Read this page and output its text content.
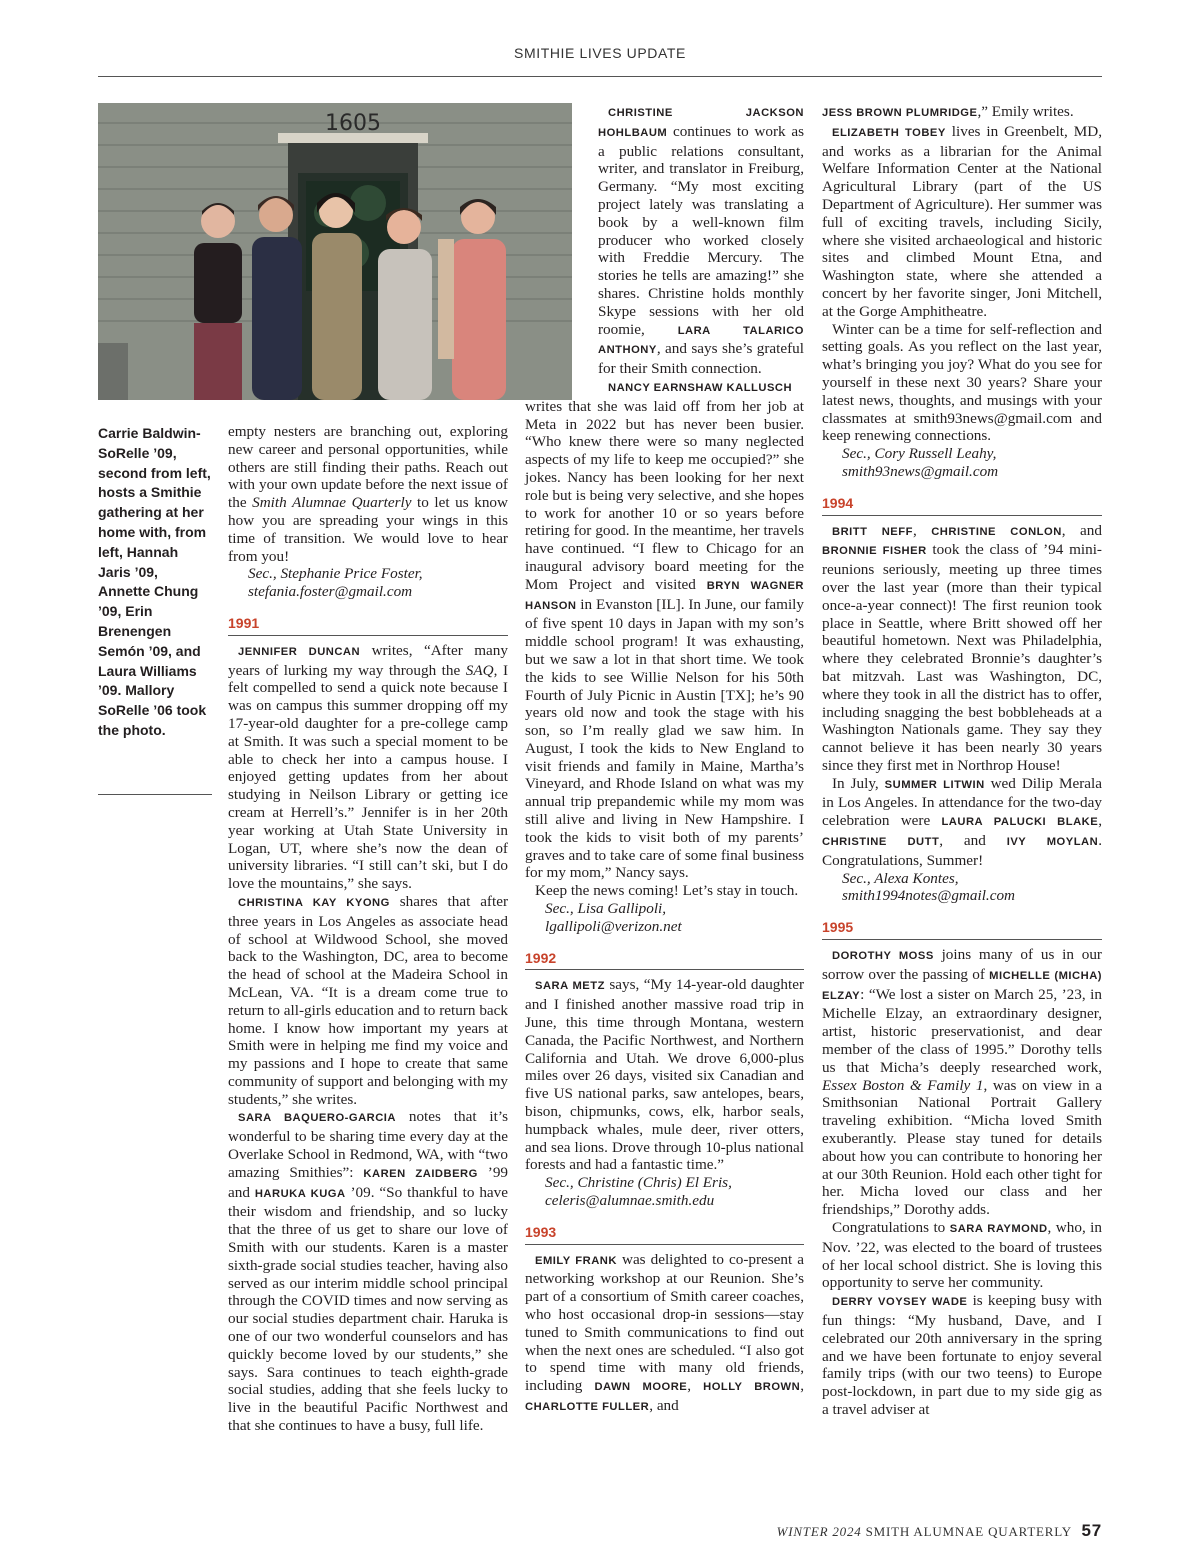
SMITHIE LIVES UPDATE
1605
Carrie Baldwin-SoRelle ’09, second from left, hosts a Smithie gathering at her home with, from left, Hannah Jaris ’09, Annette Chung ’09, Erin Brenengen Semón ’09, and Laura Williams ’09. Mallory SoRelle ’06 took the photo.

empty nesters are branching out, exploring new career and personal opportunities, while others are still finding their paths. Reach out with your own update before the next issue of the Smith Alumnae Quarterly to let us know how you are spreading your wings in this time of transition. We would love to hear from you!

Sec., Stephanie Price Foster,

stefania.foster@gmail.com

1991

JENNIFER DUNCAN writes, “After many years of lurking my way through the SAQ, I felt compelled to send a quick note because I was on campus this summer dropping off my 17-year-old daughter for a pre-college camp at Smith. It was such a special moment to be able to check her into a campus house. I enjoyed getting updates from her about studying in Neilson Library or getting ice cream at Herrell’s.” Jennifer is in her 20th year working at Utah State University in Logan, UT, where she’s now the dean of university libraries. “I still can’t ski, but I do love the mountains,” she says.

CHRISTINA KAY KYONG shares that after three years in Los Angeles as associate head of school at Wildwood School, she moved back to the Washington, DC, area to become the head of school at the Madeira School in McLean, VA. “It is a dream come true to return to all-girls education and to return back home. I know how important my years at Smith were in helping me find my voice and my passions and I hope to create that same community of support and belonging with my students,” she writes.

SARA BAQUERO-GARCIA notes that it’s wonderful to be sharing time every day at the Overlake School in Redmond, WA, with “two amazing Smithies”: KAREN ZAIDBERG ’99 and HARUKA KUGA ’09. “So thankful to have their wisdom and friendship, and so lucky that the three of us get to share our love of Smith with our students. Karen is a master sixth-grade social studies teacher, having also served as our interim middle school principal through the COVID times and now serving as our social studies department chair. Haruka is one of our two wonderful counselors and has quickly become loved by our students,” she says. Sara continues to teach eighth-grade social studies, adding that she feels lucky to live in the beautiful Pacific Northwest and that she continues to have a busy, full life.

CHRISTINE JACKSON HOHLBAUM continues to work as a public relations consultant, writer, and translator in Freiburg, Germany. “My most exciting project lately was translating a book by a well-known film producer who worked closely with Freddie Mercury. The stories he tells are amazing!” she shares. Christine holds monthly Skype sessions with her old roomie, LARA TALARICO ANTHONY, and says she’s grateful for their Smith connection.

NANCY EARNSHAW KALLUSCH

writes that she was laid off from her job at Meta in 2022 but has never been busier. “Who knew there were so many neglected aspects of my life to keep me occupied?” she jokes. Nancy has been looking for her next role but is being very selective, and she hopes to work for another 10 or so years before retiring for good. In the meantime, her travels have continued. “I flew to Chicago for an inaugural advisory board meeting for the Mom Project and visited BRYN WAGNER HANSON in Evanston [IL]. In June, our family of five spent 10 days in Japan with my son’s middle school program! It was exhausting, but we saw a lot in that short time. We took the kids to see Willie Nelson for his 50th Fourth of July Picnic in Austin [TX]; he’s 90 years old now and took the stage with his son, so I’m really glad we saw him. In August, I took the kids to New England to visit friends and family in Maine, Martha’s Vineyard, and Rhode Island on what was my annual trip prepandemic while my mom was still alive and living in New Hampshire. I took the kids to visit both of my parents’ graves and to take care of some final business for my mom,” Nancy says.

Keep the news coming! Let’s stay in touch.

Sec., Lisa Gallipoli,

lgallipoli@verizon.net

1992

SARA METZ says, “My 14-year-old daughter and I finished another massive road trip in June, this time through Montana, western Canada, the Pacific Northwest, and Northern California and Utah. We drove 6,000-plus miles over 26 days, visited six Canadian and five US national parks, saw antelopes, bears, bison, chipmunks, cows, elk, harbor seals, humpback whales, mule deer, river otters, and sea lions. Drove through 10-plus national forests and had a fantastic time.”

Sec., Christine (Chris) El Eris,

celeris@alumnae.smith.edu

1993

EMILY FRANK was delighted to co-present a networking workshop at our Reunion. She’s part of a consortium of Smith career coaches, who host occasional drop-in sessions—stay tuned to Smith communications to find out when the next ones are scheduled. “I also got to spend time with many old friends, including DAWN MOORE, HOLLY BROWN, CHARLOTTE FULLER, and

JESS BROWN PLUMRIDGE,” Emily writes.

ELIZABETH TOBEY lives in Greenbelt, MD, and works as a librarian for the Animal Welfare Information Center at the National Agricultural Library (part of the US Department of Agriculture). Her summer was full of exciting travels, including Sicily, where she visited archaeological and historic sites and climbed Mount Etna, and Washington state, where she attended a concert by her favorite singer, Joni Mitchell, at the Gorge Amphitheatre.

Winter can be a time for self-reflection and setting goals. As you reflect on the last year, what’s bringing you joy? What do you see for yourself in these next 30 years? Share your latest news, thoughts, and musings with your classmates at smith93news@gmail.com and keep renewing connections.

Sec., Cory Russell Leahy,

smith93news@gmail.com

1994

BRITT NEFF, CHRISTINE CONLON, and BRONNIE FISHER took the class of ’94 mini-reunions seriously, meeting up three times over the last year (more than their typical once-a-year connect)! The first reunion took place in Seattle, where Britt showed off her beautiful hometown. Next was Philadelphia, where they celebrated Bronnie’s daughter’s bat mitzvah. Last was Washington, DC, where they took in all the district has to offer, including snagging the best bobbleheads at a Washington Nationals game. They say they cannot believe it has been nearly 30 years since they first met in Northrop House!

In July, SUMMER LITWIN wed Dilip Merala in Los Angeles. In attendance for the two-day celebration were LAURA PALUCKI BLAKE, CHRISTINE DUTT, and IVY MOYLAN. Congratulations, Summer!

Sec., Alexa Kontes,

smith1994notes@gmail.com

1995

DOROTHY MOSS joins many of us in our sorrow over the passing of MICHELLE (MICHA) ELZAY: “We lost a sister on March 25, ’23, in Michelle Elzay, an extraordinary designer, artist, historic preservationist, and dear member of the class of 1995.” Dorothy tells us that Micha’s deeply researched work, Essex Boston & Family 1, was on view in a Smithsonian National Portrait Gallery traveling exhibition. “Micha loved Smith exuberantly. Please stay tuned for details about how you can contribute to honoring her at our 30th Reunion. Hold each other tight for her. Micha loved our class and her friendships,” Dorothy adds.

Congratulations to SARA RAYMOND, who, in Nov. ’22, was elected to the board of trustees of her local school district. She is loving this opportunity to serve her community.

DERRY VOYSEY WADE is keeping busy with fun things: “My husband, Dave, and I celebrated our 20th anniversary in the spring and we have been fortunate to enjoy several family trips (with our two teens) to Europe post-lockdown, in part due to my side gig as a travel adviser at

WINTER 2024 SMITH ALUMNAE QUARTERLY 57
